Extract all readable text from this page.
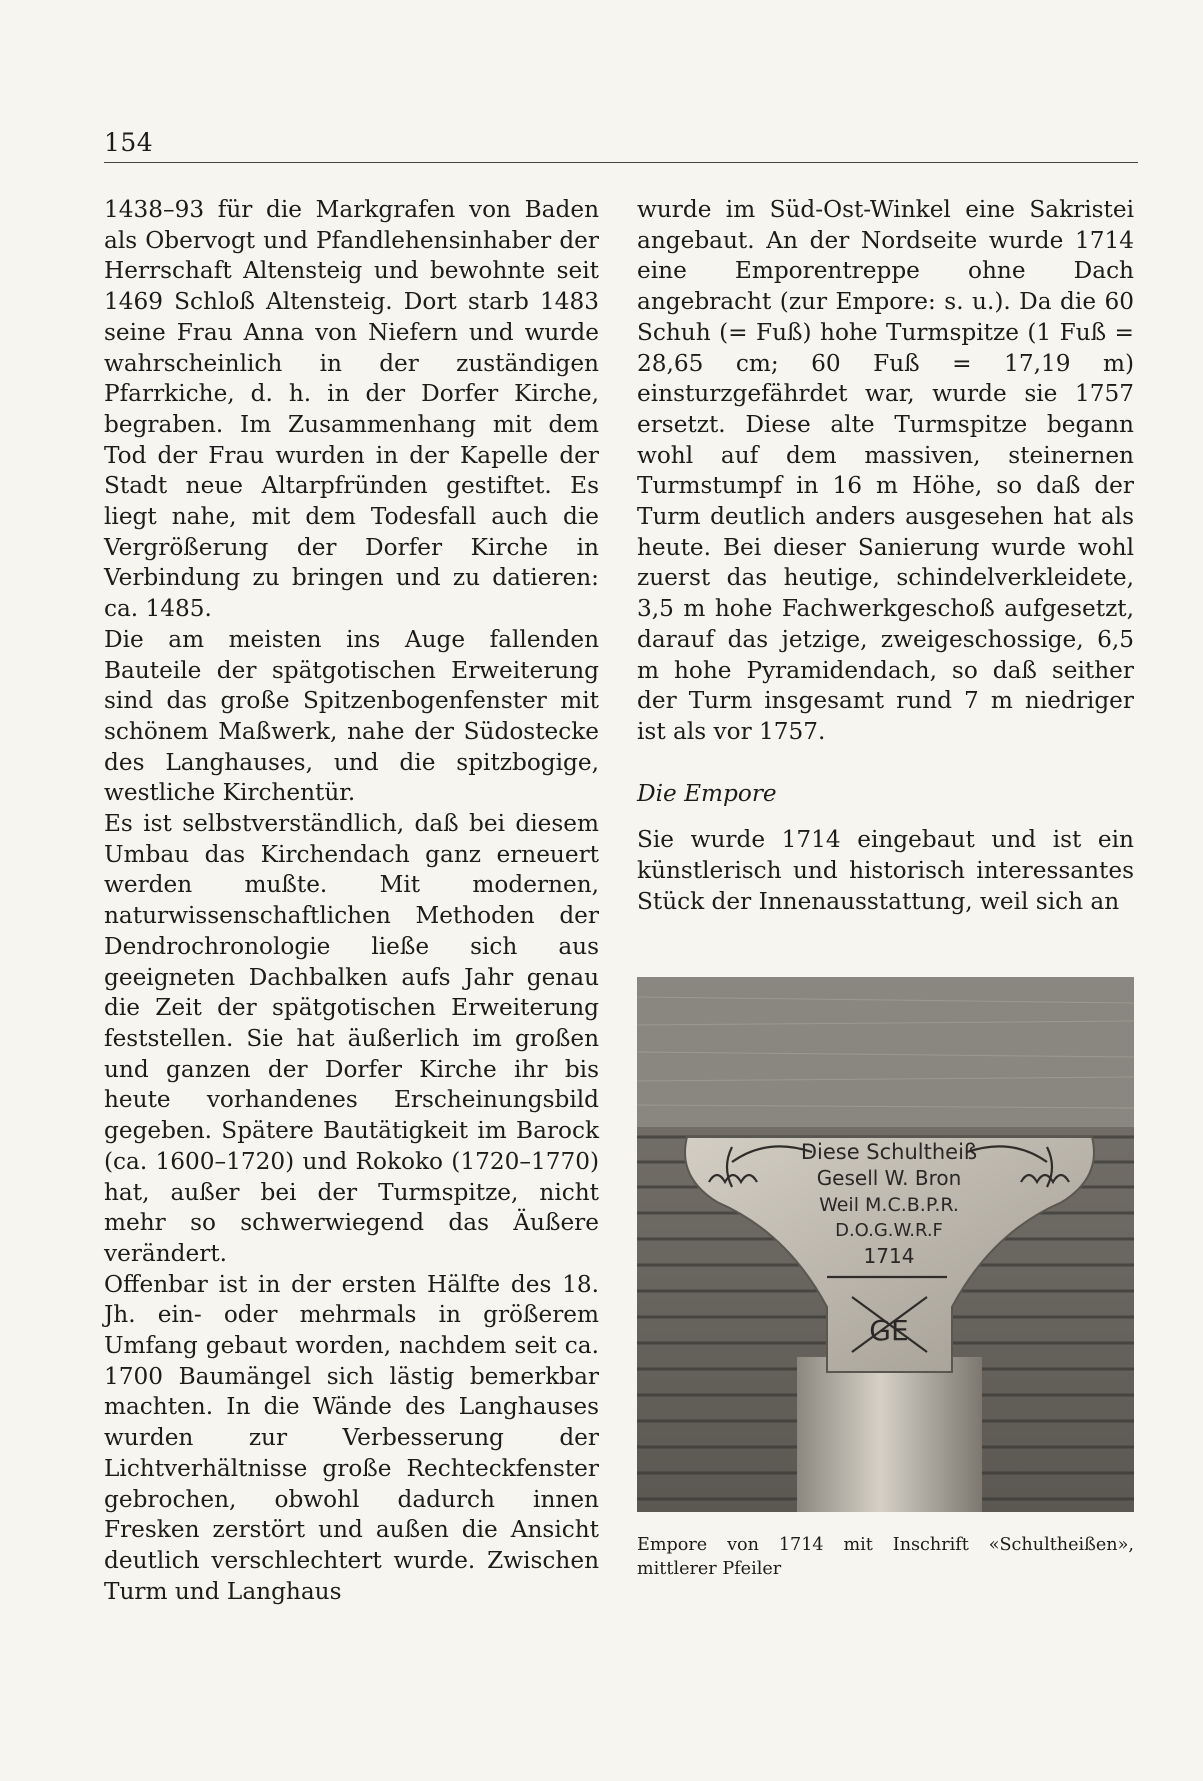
154

1438–93 für die Markgrafen von Baden als Obervogt und Pfandlehensinhaber der Herrschaft Altensteig und bewohnte seit 1469 Schloß Altensteig. Dort starb 1483 seine Frau Anna von Niefern und wurde wahrscheinlich in der zuständigen Pfarrkiche, d. h. in der Dorfer Kirche, begraben. Im Zusammenhang mit dem Tod der Frau wurden in der Kapelle der Stadt neue Altarpfründen gestiftet. Es liegt nahe, mit dem Todesfall auch die Vergrößerung der Dorfer Kirche in Verbindung zu bringen und zu datieren: ca. 1485.

Die am meisten ins Auge fallenden Bauteile der spätgotischen Erweiterung sind das große Spitzenbogenfenster mit schönem Maßwerk, nahe der Südostecke des Langhauses, und die spitzbogige, westliche Kirchentür.

Es ist selbstverständlich, daß bei diesem Umbau das Kirchendach ganz erneuert werden mußte. Mit modernen, naturwissenschaftlichen Methoden der Dendrochronologie ließe sich aus geeigneten Dachbalken aufs Jahr genau die Zeit der spätgotischen Erweiterung feststellen. Sie hat äußerlich im großen und ganzen der Dorfer Kirche ihr bis heute vorhandenes Erscheinungsbild gegeben. Spätere Bautätigkeit im Barock (ca. 1600–1720) und Rokoko (1720–1770) hat, außer bei der Turmspitze, nicht mehr so schwerwiegend das Äußere verändert.

Offenbar ist in der ersten Hälfte des 18. Jh. ein- oder mehrmals in größerem Umfang gebaut worden, nachdem seit ca. 1700 Baumängel sich lästig bemerkbar machten. In die Wände des Langhauses wurden zur Verbesserung der Lichtverhältnisse große Rechteckfenster gebrochen, obwohl dadurch innen Fresken zerstört und außen die Ansicht deutlich verschlechtert wurde. Zwischen Turm und Langhaus

wurde im Süd-Ost-Winkel eine Sakristei angebaut. An der Nordseite wurde 1714 eine Emporentreppe ohne Dach angebracht (zur Empore: s. u.). Da die 60 Schuh (= Fuß) hohe Turmspitze (1 Fuß = 28,65 cm; 60 Fuß = 17,19 m) einsturzgefährdet war, wurde sie 1757 ersetzt. Diese alte Turmspitze begann wohl auf dem massiven, steinernen Turmstumpf in 16 m Höhe, so daß der Turm deutlich anders ausgesehen hat als heute. Bei dieser Sanierung wurde wohl zuerst das heutige, schindelverkleidete, 3,5 m hohe Fachwerkgeschoß aufgesetzt, darauf das jetzige, zweigeschossige, 6,5 m hohe Pyramidendach, so daß seither der Turm insgesamt rund 7 m niedriger ist als vor 1757.

Die Empore

Sie wurde 1714 eingebaut und ist ein künstlerisch und historisch interessantes Stück der Innenausstattung, weil sich an

Diese Schultheiß
Gesell W. Bron
Weil M.C.B.P.R.
D.O.G.W.R.F
1714
GE
Empore von 1714 mit Inschrift «Schultheißen», mittlerer Pfeiler
